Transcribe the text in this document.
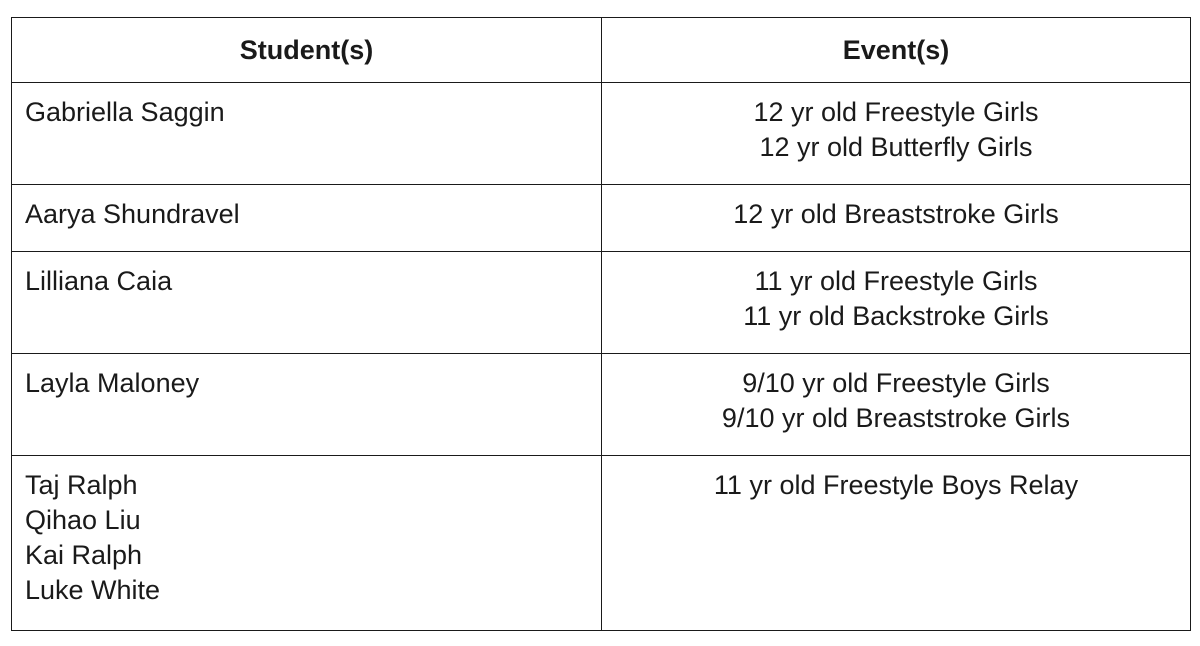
Student(s)	Event(s)

Gabriella Saggin	12 yr old Freestyle Girls
12 yr old Butterfly Girls

Aarya Shundravel	12 yr old Breaststroke Girls

Lilliana Caia	11 yr old Freestyle Girls
11 yr old Backstroke Girls

Layla Maloney	9/10 yr old Freestyle Girls
9/10 yr old Breaststroke Girls

Taj Ralph
Qihao Liu
Kai Ralph
Luke White	11 yr old Freestyle Boys Relay
